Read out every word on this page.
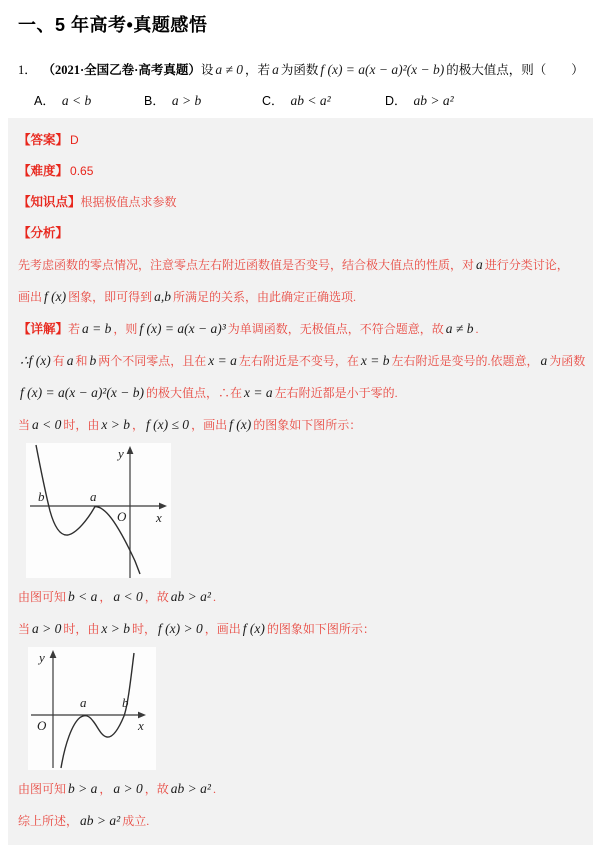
一、5 年高考•真题感悟

1． （2021·全国乙卷·高考真题）设 a ≠ 0 ，若 a 为函数 f (x) = a(x − a)²(x − b) 的极大值点，则（　　）

A． a < b	B． a > b	C． ab < a²	D． ab > a²

【答案】 D

【难度】 0.65

【知识点】根据极值点求参数

【分析】

先考虑函数的零点情况，注意零点左右附近函数值是否变号，结合极大值点的性质，对 a 进行分类讨论，

画出 f (x) 图象，即可得到 a,b 所满足的关系，由此确定正确选项.

【详解】若 a = b ，则 f (x) = a(x − a)³ 为单调函数，无极值点，不符合题意，故 a ≠ b .

∴f (x) 有 a 和 b 两个不同零点，且在 x = a 左右附近是不变号，在 x = b 左右附近是变号的.依题意， a 为函数

f (x) = a(x − a)²(x − b) 的极大值点，∴在 x = a 左右附近都是小于零的.

当 a < 0 时，由 x > b ， f (x) ≤ 0 ，画出 f (x) 的图象如下图所示：

y
x
O
b	a

由图可知 b < a ， a < 0 ，故 ab > a² .

当 a > 0 时，由 x > b 时， f (x) > 0 ，画出 f (x) 的图象如下图所示：

y
x
O
a	b

由图可知 b > a ， a > 0 ，故 ab > a² .

综上所述， ab > a² 成立.
